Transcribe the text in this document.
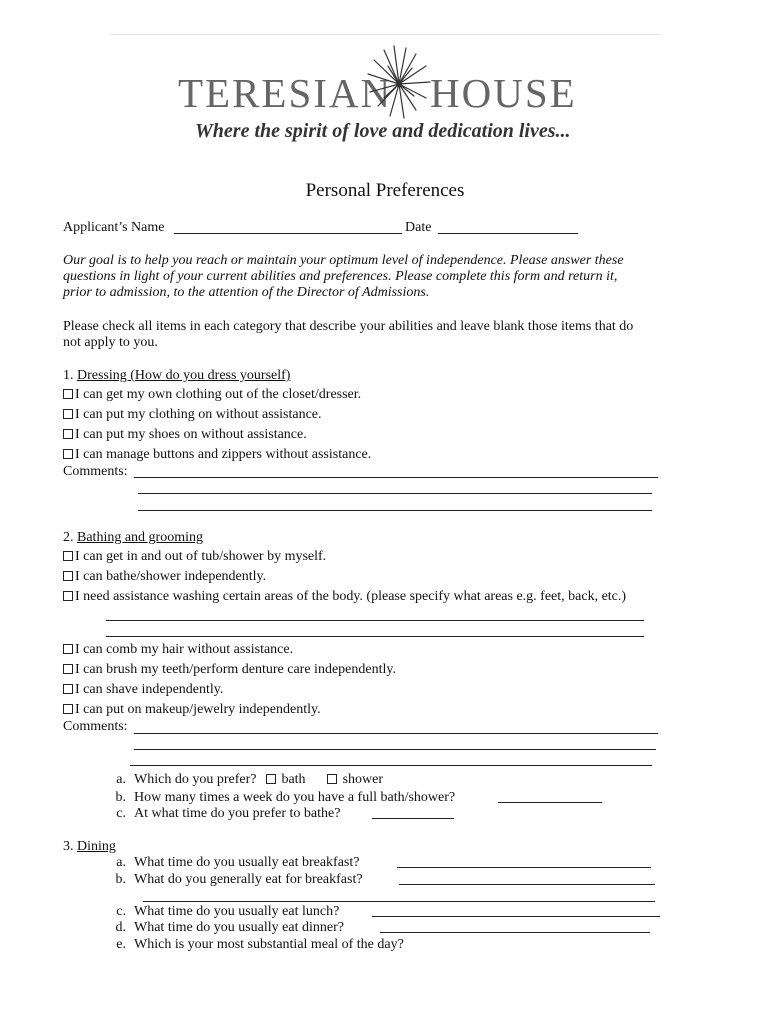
TERESIAN HOUSE
Where the spirit of love and dedication lives...
Personal Preferences
Applicant’s Name	Date
Our goal is to help you reach or maintain your optimum level of independence. Please answer these
questions in light of your current abilities and preferences. Please complete this form and return it,
prior to admission, to the attention of the Director of Admissions.
Please check all items in each category that describe your abilities and leave blank those items that do
not apply to you.
1. Dressing (How do you dress yourself)
I can get my own clothing out of the closet/dresser.
I can put my clothing on without assistance.
I can put my shoes on without assistance.
I can manage buttons and zippers without assistance.
Comments:
2. Bathing and grooming
I can get in and out of tub/shower by myself.
I can bathe/shower independently.
I need assistance washing certain areas of the body. (please specify what areas e.g. feet, back, etc.)
I can comb my hair without assistance.
I can brush my teeth/perform denture care independently.
I can shave independently.
I can put on makeup/jewelry independently.
Comments:
a. Which do you prefer? bath	shower
b. How many times a week do you have a full bath/shower?
c. At what time do you prefer to bathe?
3. Dining
a. What time do you usually eat breakfast?
b. What do you generally eat for breakfast?
c. What time do you usually eat lunch?
d. What time do you usually eat dinner?
e. Which is your most substantial meal of the day?
